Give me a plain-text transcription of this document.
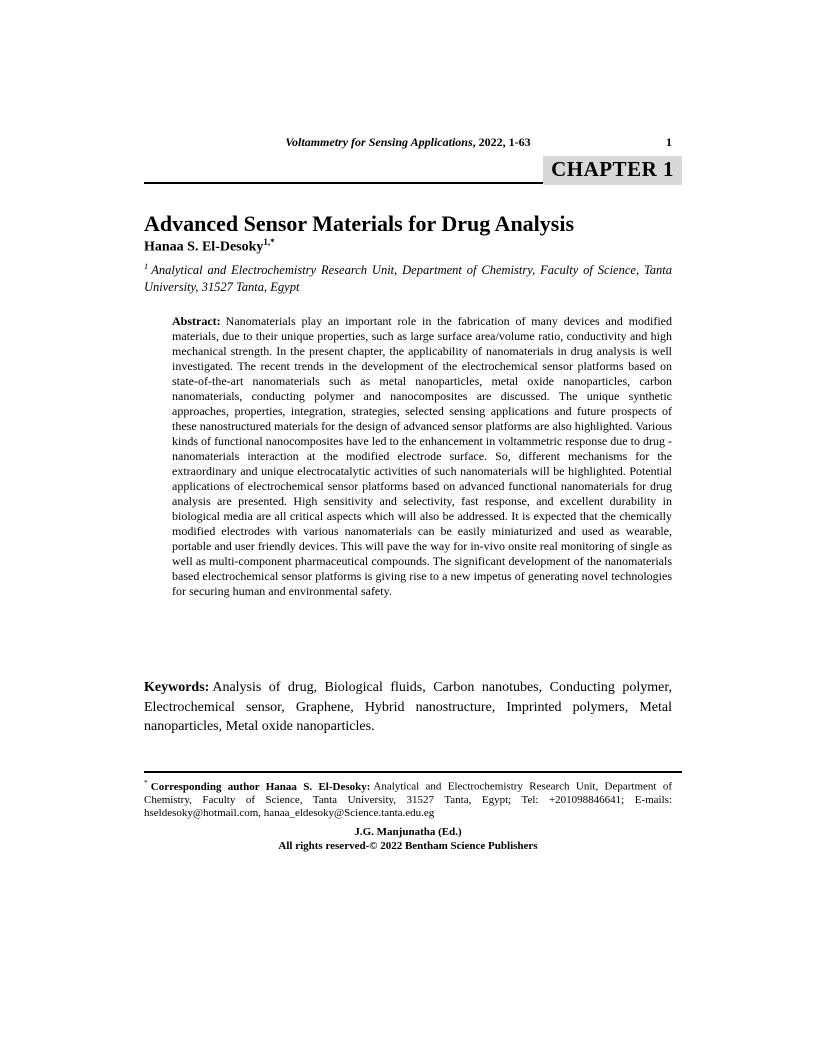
Voltammetry for Sensing Applications, 2022, 1-63	1
CHAPTER 1
Advanced Sensor Materials for Drug Analysis
Hanaa S. El-Desoky$^{1,*}$
$^1$ Analytical and Electrochemistry Research Unit, Department of Chemistry, Faculty of Science, Tanta University, 31527 Tanta, Egypt
Abstract: Nanomaterials play an important role in the fabrication of many devices and modified materials, due to their unique properties, such as large surface area/volume ratio, conductivity and high mechanical strength. In the present chapter, the applicability of nanomaterials in drug analysis is well investigated. The recent trends in the development of the electrochemical sensor platforms based on state-of-the-art nanomaterials such as metal nanoparticles, metal oxide nanoparticles, carbon nanomaterials, conducting polymer and nanocomposites are discussed. The unique synthetic approaches, properties, integration, strategies, selected sensing applications and future prospects of these nanostructured materials for the design of advanced sensor platforms are also highlighted. Various kinds of functional nanocomposites have led to the enhancement in voltammetric response due to drug - nanomaterials interaction at the modified electrode surface. So, different mechanisms for the extraordinary and unique electrocatalytic activities of such nanomaterials will be highlighted. Potential applications of electrochemical sensor platforms based on advanced functional nanomaterials for drug analysis are presented. High sensitivity and selectivity, fast response, and excellent durability in biological media are all critical aspects which will also be addressed. It is expected that the chemically modified electrodes with various nanomaterials can be easily miniaturized and used as wearable, portable and user friendly devices. This will pave the way for in-vivo onsite real monitoring of single as well as multi-component pharmaceutical compounds. The significant development of the nanomaterials based electrochemical sensor platforms is giving rise to a new impetus of generating novel technologies for securing human and environmental safety.
Keywords: Analysis of drug, Biological fluids, Carbon nanotubes, Conducting polymer, Electrochemical sensor, Graphene, Hybrid nanostructure, Imprinted polymers, Metal nanoparticles, Metal oxide nanoparticles.
* Corresponding author Hanaa S. El-Desoky: Analytical and Electrochemistry Research Unit, Department of Chemistry, Faculty of Science, Tanta University, 31527 Tanta, Egypt; Tel: +201098846641; E-mails: hseldesoky@hotmail.com, hanaa_eldesoky@Science.tanta.edu.eg
J.G. Manjunatha (Ed.)
All rights reserved-© 2022 Bentham Science Publishers
